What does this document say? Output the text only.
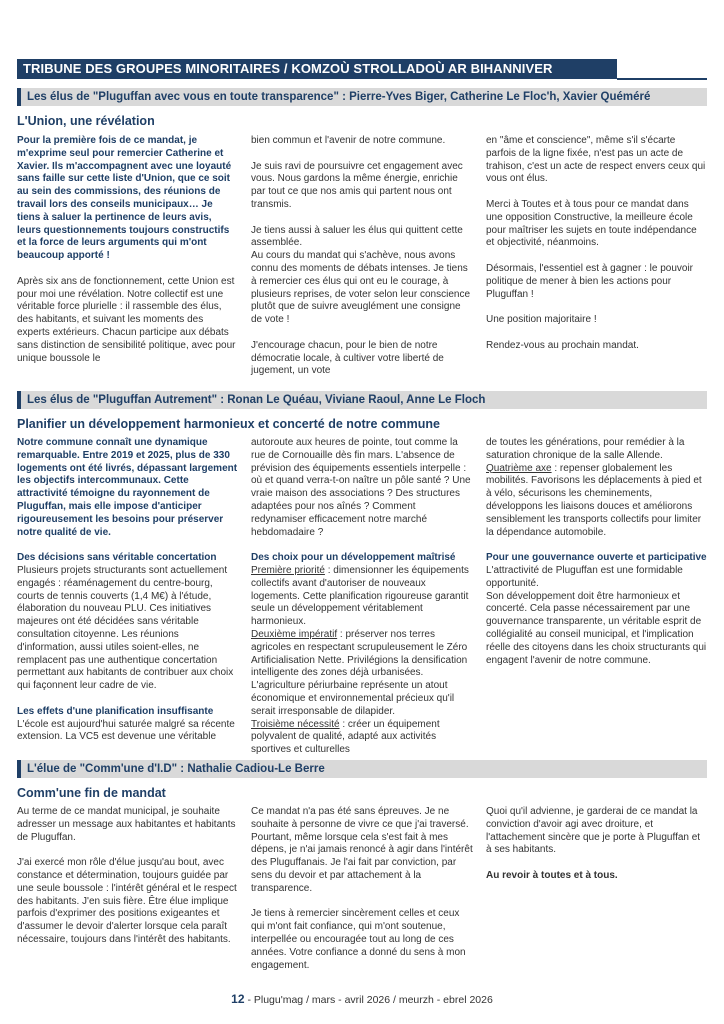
TRIBUNE DES GROUPES MINORITAIRES / KOMZOÙ STROLLADOÙ AR BIHANNIVER
Les élus de "Pluguffan avec vous en toute transparence" : Pierre-Yves Biger, Catherine Le Floc'h, Xavier Quéméré
L'Union, une révélation

Pour la première fois de ce mandat, je m'exprime seul pour remercier Catherine et Xavier. Ils m'accompagnent avec une loyauté sans faille sur cette liste d'Union, que ce soit au sein des commissions, des réunions de travail lors des conseils municipaux… Je tiens à saluer la pertinence de leurs avis, leurs questionnements toujours constructifs et la force de leurs arguments qui m'ont beaucoup apporté !

Après six ans de fonctionnement, cette Union est pour moi une révélation. Notre collectif est une véritable force plurielle : il rassemble des élus, des habitants, et suivant les moments des experts extérieurs. Chacun participe aux débats sans distinction de sensibilité politique, avec pour unique boussole le

bien commun et l'avenir de notre commune.

Je suis ravi de poursuivre cet engagement avec vous. Nous gardons la même énergie, enrichie par tout ce que nos amis qui partent nous ont transmis.

Je tiens aussi à saluer les élus qui quittent cette assemblée.

Au cours du mandat qui s'achève, nous avons connu des moments de débats intenses. Je tiens à remercier ces élus qui ont eu le courage, à plusieurs reprises, de voter selon leur conscience plutôt que de suivre aveuglément une consigne de vote !

J'encourage chacun, pour le bien de notre démocratie locale, à cultiver votre liberté de jugement, un vote

en "âme et conscience", même s'il s'écarte parfois de la ligne fixée, n'est pas un acte de trahison, c'est un acte de respect envers ceux qui vous ont élus.

Merci à Toutes et à tous pour ce mandat dans une opposition Constructive, la meilleure école pour maîtriser les sujets en toute indépendance et objectivité, néanmoins.

Désormais, l'essentiel est à gagner : le pouvoir politique de mener à bien les actions pour Pluguffan !

Une position majoritaire !

Rendez-vous au prochain mandat.

Les élus de "Pluguffan Autrement" : Ronan Le Quéau, Viviane Raoul, Anne Le Floch
Planifier un développement harmonieux et concerté de notre commune

Notre commune connaît une dynamique remarquable. Entre 2019 et 2025, plus de 330 logements ont été livrés, dépassant largement les objectifs intercommunaux. Cette attractivité témoigne du rayonnement de Pluguffan, mais elle impose d'anticiper rigoureusement les besoins pour préserver notre qualité de vie.

Des décisions sans véritable concertation

Plusieurs projets structurants sont actuellement engagés : réaménagement du centre-bourg, courts de tennis couverts (1,4 M€) à l'étude, élaboration du nouveau PLU. Ces initiatives majeures ont été décidées sans véritable consultation citoyenne. Les réunions d'information, aussi utiles soient-elles, ne remplacent pas une authentique concertation permettant aux habitants de contribuer aux choix qui façonnent leur cadre de vie.

Les effets d'une planification insuffisante

L'école est aujourd'hui saturée malgré sa récente extension. La VC5 est devenue une véritable

autoroute aux heures de pointe, tout comme la rue de Cornouaille dès fin mars. L'absence de prévision des équipements essentiels interpelle : où et quand verra-t-on naître un pôle santé ? Une vraie maison des associations ? Des structures adaptées pour nos aînés ? Comment redynamiser efficacement notre marché hebdomadaire ?

Des choix pour un développement maîtrisé

Première priorité : dimensionner les équipements collectifs avant d'autoriser de nouveaux logements. Cette planification rigoureuse garantit seule un développement véritablement harmonieux.

Deuxième impératif : préserver nos terres agricoles en respectant scrupuleusement le Zéro Artificialisation Nette. Privilégions la densification intelligente des zones déjà urbanisées. L'agriculture périurbaine représente un atout économique et environnemental précieux qu'il serait irresponsable de dilapider.

Troisième nécessité : créer un équipement polyvalent de qualité, adapté aux activités sportives et culturelles

de toutes les générations, pour remédier à la saturation chronique de la salle Allende.

Quatrième axe : repenser globalement les mobilités. Favorisons les déplacements à pied et à vélo, sécurisons les cheminements, développons les liaisons douces et améliorons sensiblement les transports collectifs pour limiter la dépendance automobile.

Pour une gouvernance ouverte et participative

L'attractivité de Pluguffan est une formidable opportunité.

Son développement doit être harmonieux et concerté. Cela passe nécessairement par une gouvernance transparente, un véritable esprit de collégialité au conseil municipal, et l'implication réelle des citoyens dans les choix structurants qui engagent l'avenir de notre commune.

L'élue de "Comm'une d'I.D" : Nathalie Cadiou-Le Berre
Comm'une fin de mandat

Au terme de ce mandat municipal, je souhaite adresser un message aux habitantes et habitants de Pluguffan.

J'ai exercé mon rôle d'élue jusqu'au bout, avec constance et détermination, toujours guidée par une seule boussole : l'intérêt général et le respect des habitants. J'en suis fière. Être élue implique parfois d'exprimer des positions exigeantes et d'assumer le devoir d'alerter lorsque cela paraît nécessaire, toujours dans l'intérêt des habitants.

Ce mandat n'a pas été sans épreuves. Je ne souhaite à personne de vivre ce que j'ai traversé. Pourtant, même lorsque cela s'est fait à mes dépens, je n'ai jamais renoncé à agir dans l'intérêt des Pluguffanais. Je l'ai fait par conviction, par sens du devoir et par attachement à la transparence.

Je tiens à remercier sincèrement celles et ceux qui m'ont fait confiance, qui m'ont soutenue, interpellée ou encouragée tout au long de ces années. Votre confiance a donné du sens à mon engagement.

Quoi qu'il advienne, je garderai de ce mandat la conviction d'avoir agi avec droiture, et l'attachement sincère que je porte à Pluguffan et à ses habitants.

Au revoir à toutes et à tous.

12 - Plugu'mag / mars - avril 2026 / meurzh - ebrel 2026
